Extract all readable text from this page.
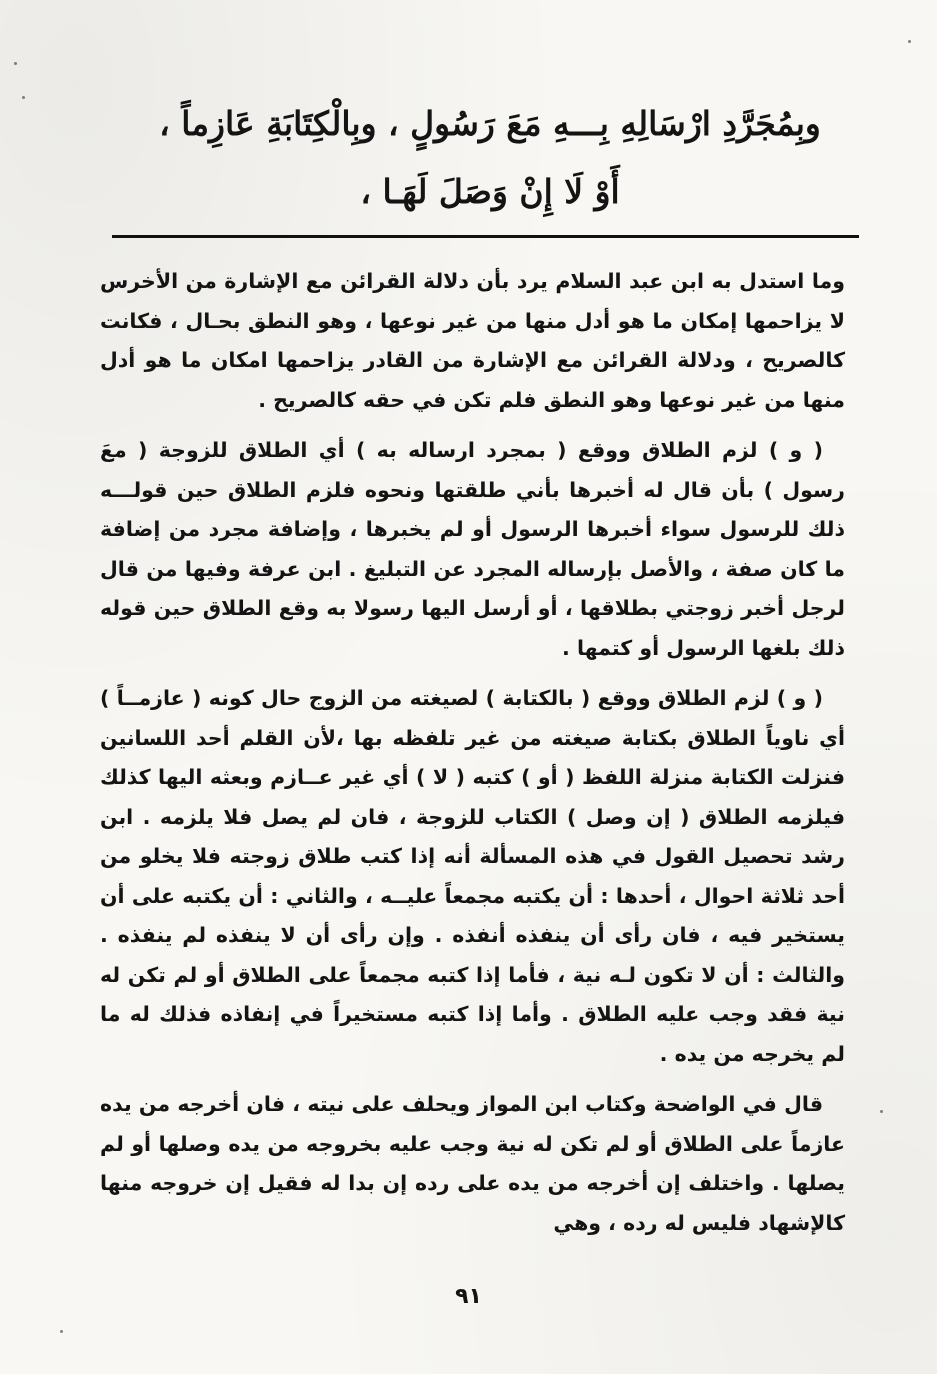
وبِمُجَرَّدِ ارْسَالِهِ بِـــهِ مَعَ رَسُولٍ ، وبِالْكِتَابَةِ عَازِماً ،
أَوْ لَا إِنْ وَصَلَ لَهَـا ،

وما استدل به ابن عبد السلام يرد بأن دلالة القرائن مع الإشارة من الأخرس لا يزاحمها إمكان ما هو أدل منها من غير نوعها ، وهو النطق بحـال ، فكانت كالصريح ، ودلالة القرائن مع الإشارة من القادر يزاحمها امكان ما هو أدل منها من غير نوعها وهو النطق فلم تكن في حقه كالصريح .

( و ) لزم الطلاق ووقع ( بمجرد ارساله به ) أي الطلاق للزوجة ( معَ رسول ) بأن قال له أخبرها بأني طلقتها ونحوه فلزم الطلاق حين قولـــه ذلك للرسول سواء أخبرها الرسول أو لم يخبرها ، وإضافة مجرد من إضافة ما كان صفة ، والأصل بإرساله المجرد عن التبليغ . ابن عرفة وفيها من قال لرجل أخبر زوجتي بطلاقها ، أو أرسل اليها رسولا به وقع الطلاق حين قوله ذلك بلغها الرسول أو كتمها .

( و ) لزم الطلاق ووقع ( بالكتابة ) لصيغته من الزوج حال كونه ( عازمــاً ) أي ناوياً الطلاق بكتابة صيغته من غير تلفظه بها ،لأن القلم أحد اللسانين فنزلت الكتابة منزلة اللفظ ( أو ) كتبه ( لا ) أي غير عــازم وبعثه اليها كذلك فيلزمه الطلاق ( إن وصل ) الكتاب للزوجة ، فان لم يصل فلا يلزمه . ابن رشد تحصيل القول في هذه المسألة أنه إذا كتب طلاق زوجته فلا يخلو من أحد ثلاثة احوال ، أحدها : أن يكتبه مجمعاً عليــه ، والثاني : أن يكتبه على أن يستخير فيه ، فان رأى أن ينفذه أنفذه . وإن رأى أن لا ينفذه لم ينفذه . والثالث : أن لا تكون لـه نية ، فأما إذا كتبه مجمعاً على الطلاق أو لم تكن له نية فقد وجب عليه الطلاق . وأما إذا كتبه مستخيراً في إنفاذه فذلك له ما لم يخرجه من يده .

قال في الواضحة وكتاب ابن المواز ويحلف على نيته ، فان أخرجه من يده عازماً على الطلاق أو لم تكن له نية وجب عليه بخروجه من يده وصلها أو لم يصلها . واختلف إن أخرجه من يده على رده إن بدا له فقيل إن خروجه منها كالإشهاد فليس له رده ، وهي

٩١
